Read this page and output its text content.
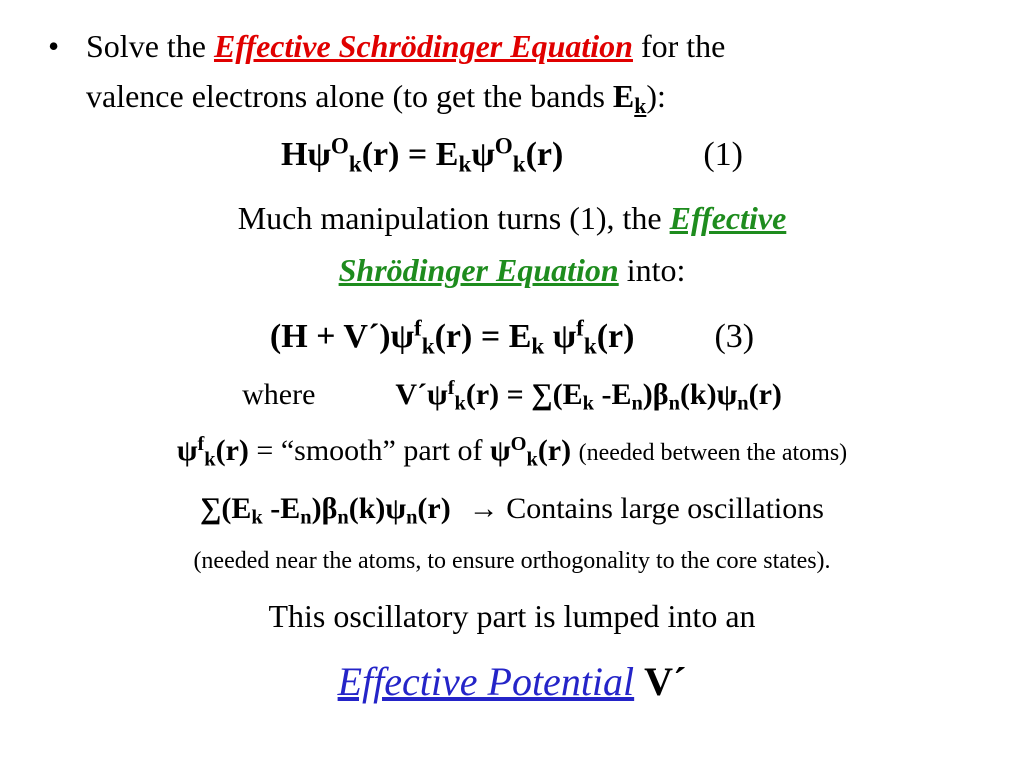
• Solve the Effective Schrödinger Equation for the
valence electrons alone (to get the bands $E_k$):
$H\psi^O_k(r) = E_k\psi^O_k(r)$	(1)
Much manipulation turns (1), the Effective
Shrödinger Equation into:
$(H + V´)\psi^f_k(r) = E_k$ $\psi^f_k(r)$ (3)
where	$V´\psi^f_k(r) = \sum(E_k$ $-E_n)\beta_n(k)\psi_n(r)$
$\psi^f_k(r)$ = “smooth” part of $\psi^O_k(r)$ (needed between the atoms)
$\sum(E_k$ $-E_n)\beta_n(k)\psi_n(r)$ → Contains large oscillations
(needed near the atoms, to ensure orthogonality to the core states).
This oscillatory part is lumped into an
Effective Potential V´
